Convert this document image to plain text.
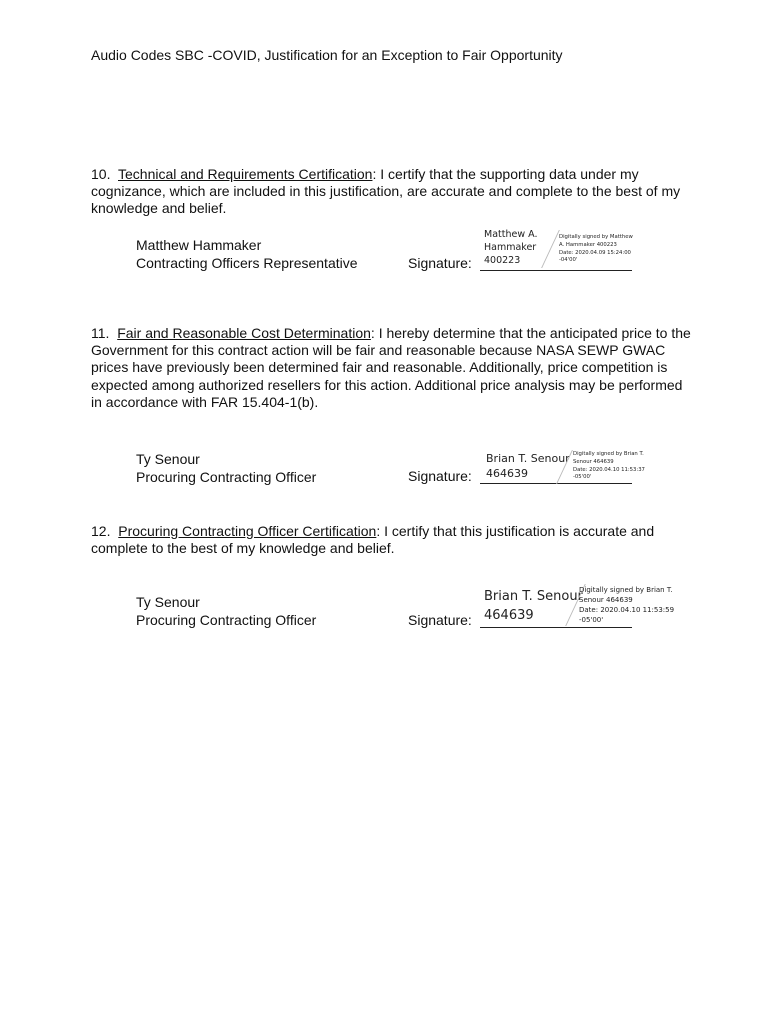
Audio Codes SBC -COVID, Justification for an Exception to Fair Opportunity
10. Technical and Requirements Certification: I certify that the supporting data under my cognizance, which are included in this justification, are accurate and complete to the best of my knowledge and belief.
Matthew Hammaker
Contracting Officers Representative	Signature:
Matthew A.
Hammaker
400223
Digitally signed by Matthew
A. Hammaker 400223
Date: 2020.04.09 15:24:00
-04'00'
11. Fair and Reasonable Cost Determination: I hereby determine that the anticipated price to the Government for this contract action will be fair and reasonable because NASA SEWP GWAC prices have previously been determined fair and reasonable. Additionally, price competition is expected among authorized resellers for this action. Additional price analysis may be performed in accordance with FAR 15.404-1(b).
Ty Senour
Procuring Contracting Officer	Signature:
Brian T. Senour
464639
Digitally signed by Brian T.
Senour 464639
Date: 2020.04.10 11:53:37
-05'00'
12. Procuring Contracting Officer Certification: I certify that this justification is accurate and complete to the best of my knowledge and belief.
Ty Senour
Procuring Contracting Officer	Signature:
Brian T. Senour
464639
Digitally signed by Brian T.
Senour 464639
Date: 2020.04.10 11:53:59
-05'00'
